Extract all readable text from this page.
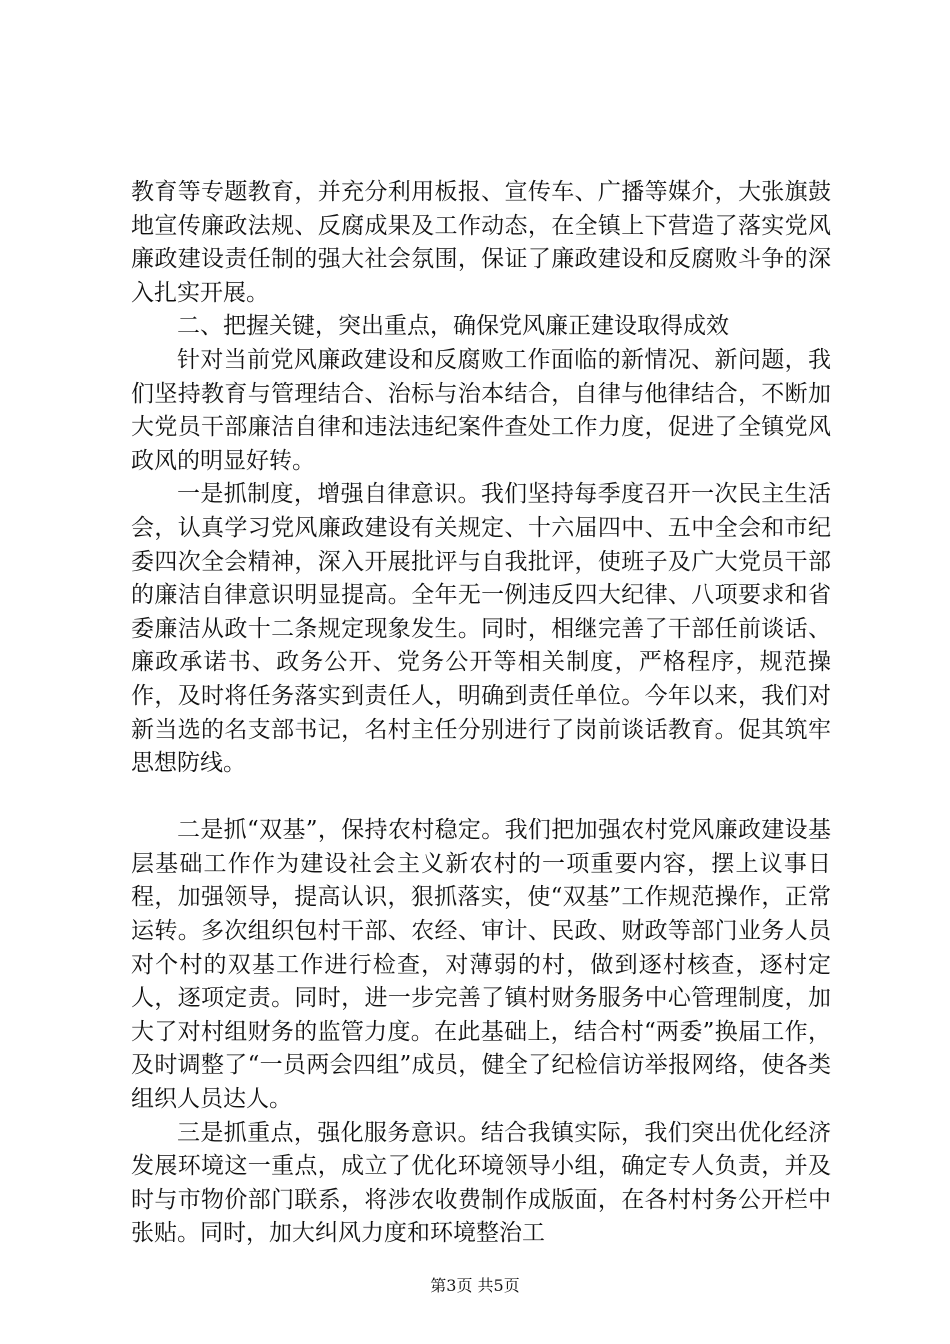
教育等专题教育，并充分利用板报、宣传车、广播等媒介，大张旗鼓地宣传廉政法规、反腐成果及工作动态，在全镇上下营造了落实党风廉政建设责任制的强大社会氛围，保证了廉政建设和反腐败斗争的深入扎实开展。

二、把握关键，突出重点，确保党风廉正建设取得成效

针对当前党风廉政建设和反腐败工作面临的新情况、新问题，我们坚持教育与管理结合、治标与治本结合，自律与他律结合，不断加大党员干部廉洁自律和违法违纪案件查处工作力度，促进了全镇党风政风的明显好转。

一是抓制度，增强自律意识。我们坚持每季度召开一次民主生活会，认真学习党风廉政建设有关规定、十六届四中、五中全会和市纪委四次全会精神，深入开展批评与自我批评，使班子及广大党员干部的廉洁自律意识明显提高。全年无一例违反四大纪律、八项要求和省委廉洁从政十二条规定现象发生。同时，相继完善了干部任前谈话、廉政承诺书、政务公开、党务公开等相关制度，严格程序，规范操作，及时将任务落实到责任人，明确到责任单位。今年以来，我们对新当选的名支部书记，名村主任分别进行了岗前谈话教育。促其筑牢思想防线。

二是抓“双基”，保持农村稳定。我们把加强农村党风廉政建设基层基础工作作为建设社会主义新农村的一项重要内容，摆上议事日程，加强领导，提高认识，狠抓落实，使“双基”工作规范操作，正常运转。多次组织包村干部、农经、审计、民政、财政等部门业务人员对个村的双基工作进行检查，对薄弱的村，做到逐村核查，逐村定人，逐项定责。同时，进一步完善了镇村财务服务中心管理制度，加大了对村组财务的监管力度。在此基础上，结合村“两委”换届工作，及时调整了“一员两会四组”成员，健全了纪检信访举报网络，使各类组织人员达人。

三是抓重点，强化服务意识。结合我镇实际，我们突出优化经济发展环境这一重点，成立了优化环境领导小组，确定专人负责，并及时与市物价部门联系，将涉农收费制作成版面，在各村村务公开栏中张贴。同时，加大纠风力度和环境整治工

第3页 共5页
